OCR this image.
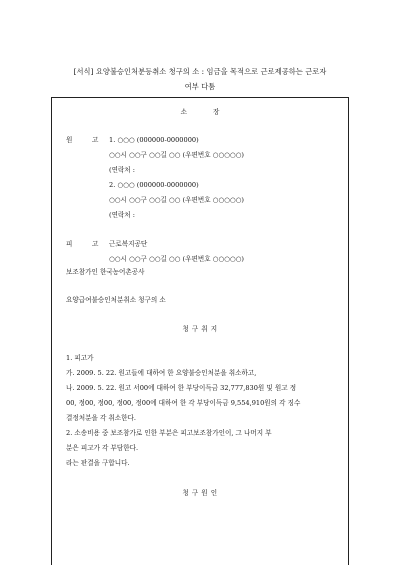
[서식] 요양불승인처분등취소 청구의 소 : 임금을 목적으로 근로제공하는 근로자
여부 다툼
소	장
원	고 1. ○○○ (000000-0000000)
○○시 ○○구 ○○길 ○○ (우편번호 ○○○○○)
(연락처 :
2. ○○○ (000000-0000000)
○○시 ○○구 ○○길 ○○ (우편번호 ○○○○○)
(연락처 :
피	고 근로복지공단
○○시 ○○구 ○○길 ○○ (우편번호 ○○○○○)
보조참가인 한국농어촌공사
요양급여불승인처분취소 청구의 소
청 구 취 지
1. 피고가
가. 2009. 5. 22. 원고들에 대하여 한 요양불승인처분을 취소하고,
나. 2009. 5. 22. 원고 서00에 대하여 한 부당이득금 32,777,830원 및 원고 정
00, 정00, 정00, 정00, 정00에 대하여 한 각 부당이득금 9,554,910원의 각 징수
결정처분을 각 취소한다.
2. 소송비용 중 보조참가로 인한 부분은 피고보조참가인이, 그 나머지 부
분은 피고가 각 부담한다.
라는 판결을 구합니다.
청 구 원 인
